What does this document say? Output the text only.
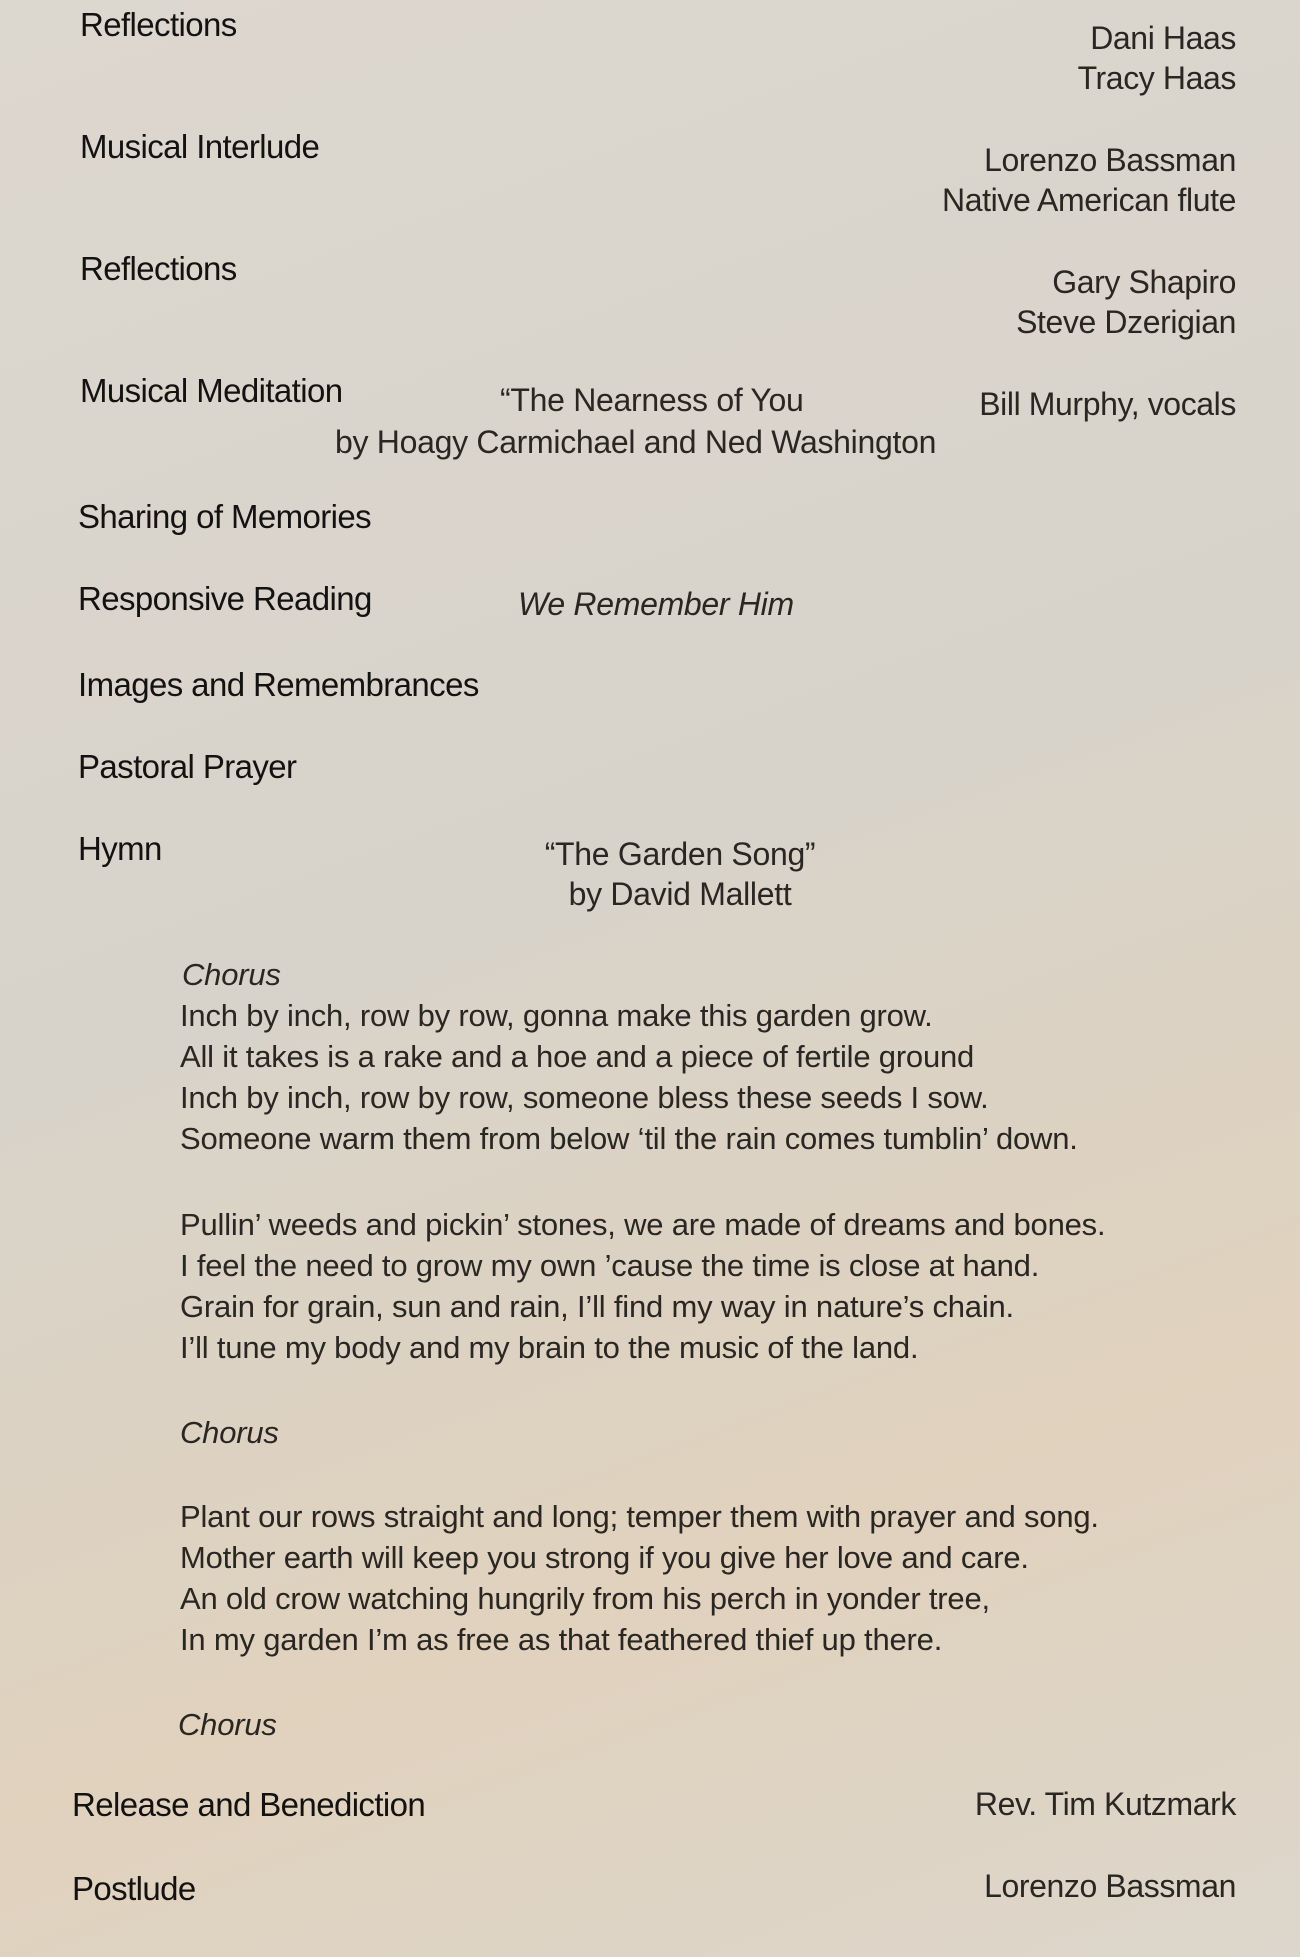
Reflections	Dani Haas
Tracy Haas
Musical Interlude	Lorenzo Bassman
Native American flute
Reflections	Gary Shapiro
Steve Dzerigian
Musical Meditation	“The Nearness of You	Bill Murphy, vocals
by Hoagy Carmichael and Ned Washington
Sharing of Memories
Responsive Reading	We Remember Him
Images and Remembrances
Pastoral Prayer
Hymn	“The Garden Song”
by David Mallett
Chorus
Inch by inch, row by row, gonna make this garden grow.
All it takes is a rake and a hoe and a piece of fertile ground
Inch by inch, row by row, someone bless these seeds I sow.
Someone warm them from below ‘til the rain comes tumblin’ down.
Pullin’ weeds and pickin’ stones, we are made of dreams and bones.
I feel the need to grow my own ’cause the time is close at hand.
Grain for grain, sun and rain, I’ll find my way in nature’s chain.
I’ll tune my body and my brain to the music of the land.
Chorus
Plant our rows straight and long; temper them with prayer and song.
Mother earth will keep you strong if you give her love and care.
An old crow watching hungrily from his perch in yonder tree,
In my garden I’m as free as that feathered thief up there.
Chorus
Release and Benediction	Rev. Tim Kutzmark
Postlude	Lorenzo Bassman
